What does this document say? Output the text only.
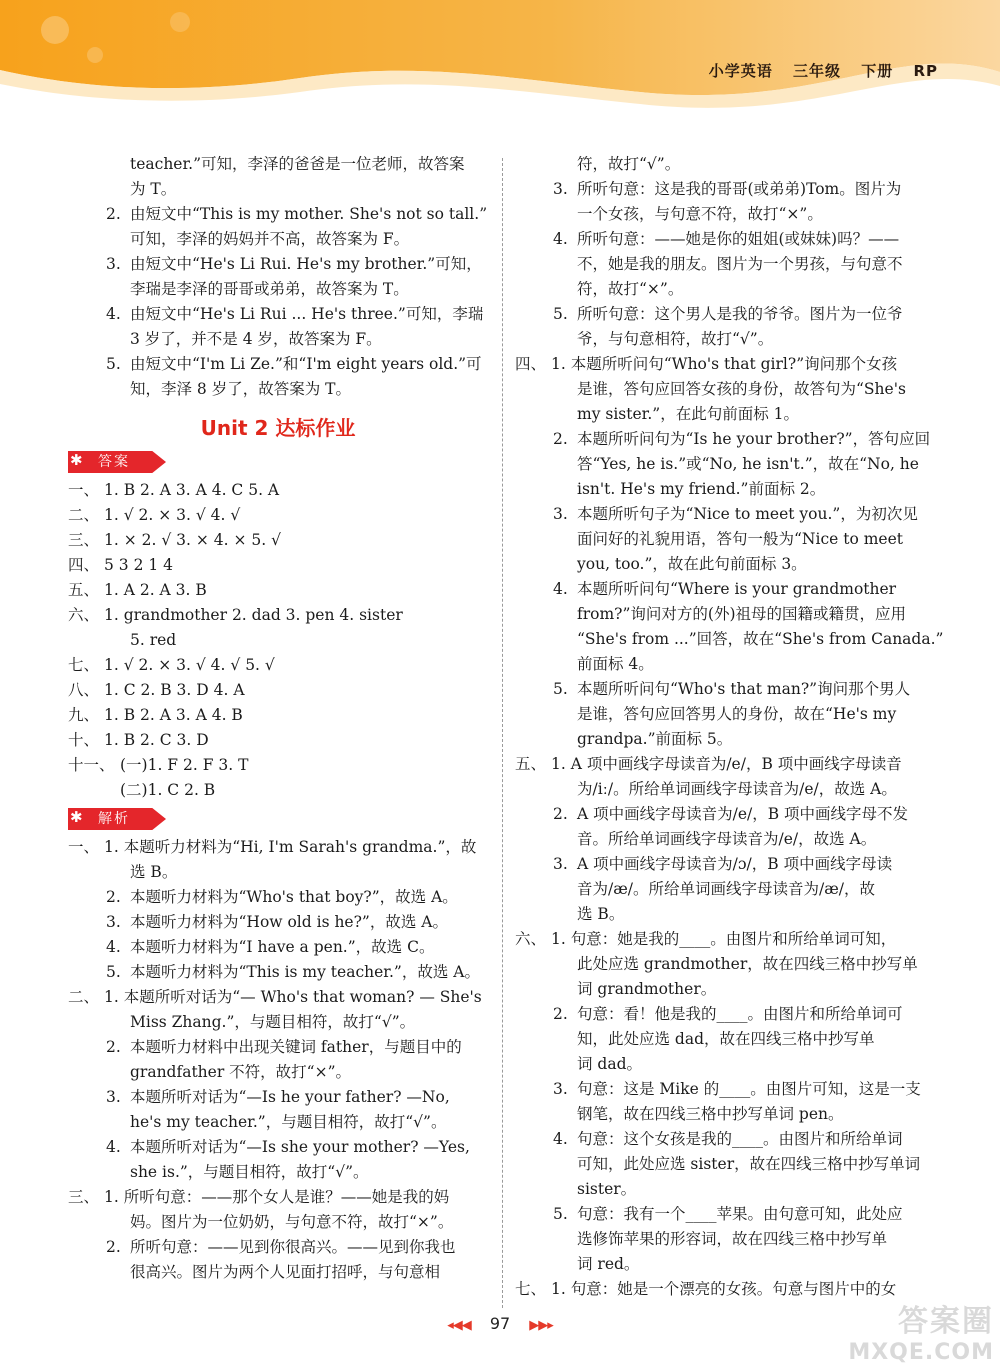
小学英语 三年级 下册 RP
teacher.”可知，李泽的爸爸是一位老师，故答案
为 T。
2. 由短文中“This is my mother. She's not so tall.”
可知，李泽的妈妈并不高，故答案为 F。
3. 由短文中“He's Li Rui. He's my brother.”可知，
李瑞是李泽的哥哥或弟弟，故答案为 T。
4. 由短文中“He's Li Rui ... He's three.”可知，李瑞
3 岁了，并不是 4 岁，故答案为 F。
5. 由短文中“I'm Li Ze.”和“I'm eight years old.”可
知，李泽 8 岁了，故答案为 T。
Unit 2 达标作业
✱ 答案
一、 1. B 2. A 3. A 4. C 5. A
二、 1. √ 2. × 3. √ 4. √
三、 1. × 2. √ 3. × 4. × 5. √
四、 5 3 2 1 4
五、 1. A 2. A 3. B
六、 1. grandmother 2. dad 3. pen 4. sister
5. red
七、 1. √ 2. × 3. √ 4. √ 5. √
八、 1. C 2. B 3. D 4. A
九、 1. B 2. A 3. A 4. B
十、 1. B 2. C 3. D
十一、 (一)1. F 2. F 3. T
(二)1. C 2. B
✱ 解析
一、 1. 本题听力材料为“Hi, I'm Sarah's grandma.”，故
选 B。
2. 本题听力材料为“Who's that boy?”，故选 A。
3. 本题听力材料为“How old is he?”，故选 A。
4. 本题听力材料为“I have a pen.”，故选 C。
5. 本题听力材料为“This is my teacher.”，故选 A。
二、 1. 本题所听对话为“— Who's that woman? — She's
Miss Zhang.”，与题目相符，故打“√”。
2. 本题听力材料中出现关键词 father，与题目中的
grandfather 不符，故打“×”。
3. 本题所听对话为“—Is he your father? —No,
he's my teacher.”，与题目相符，故打“√”。
4. 本题所听对话为“—Is she your mother? —Yes,
she is.”，与题目相符，故打“√”。
三、 1. 所听句意：——那个女人是谁？——她是我的妈
妈。图片为一位奶奶，与句意不符，故打“×”。
2. 所听句意：——见到你很高兴。——见到你我也
很高兴。图片为两个人见面打招呼，与句意相
符，故打“√”。
3. 所听句意：这是我的哥哥(或弟弟)Tom。图片为
一个女孩，与句意不符，故打“×”。
4. 所听句意：——她是你的姐姐(或妹妹)吗？——
不，她是我的朋友。图片为一个男孩，与句意不
符，故打“×”。
5. 所听句意：这个男人是我的爷爷。图片为一位爷
爷，与句意相符，故打“√”。
四、 1. 本题所听问句“Who's that girl?”询问那个女孩
是谁，答句应回答女孩的身份，故答句为“She's
my sister.”，在此句前面标 1。
2. 本题所听问句为“Is he your brother?”，答句应回
答“Yes, he is.”或“No, he isn't.”，故在“No, he
isn't. He's my friend.”前面标 2。
3. 本题所听句子为“Nice to meet you.”，为初次见
面问好的礼貌用语，答句一般为“Nice to meet
you, too.”，故在此句前面标 3。
4. 本题所听问句“Where is your grandmother
from?”询问对方的(外)祖母的国籍或籍贯，应用
“She's from ...”回答，故在“She's from Canada.”
前面标 4。
5. 本题所听问句“Who's that man?”询问那个男人
是谁，答句应回答男人的身份，故在“He's my
grandpa.”前面标 5。
五、 1. A 项中画线字母读音为/e/，B 项中画线字母读音
为/iː/。所给单词画线字母读音为/e/，故选 A。
2. A 项中画线字母读音为/e/，B 项中画线字母不发
音。所给单词画线字母读音为/e/，故选 A。
3. A 项中画线字母读音为/ɔ/，B 项中画线字母读
音为/æ/。所给单词画线字母读音为/æ/，故
选 B。
六、 1. 句意：她是我的____。由图片和所给单词可知，
此处应选 grandmother，故在四线三格中抄写单
词 grandmother。
2. 句意：看！他是我的____。由图片和所给单词可
知，此处应选 dad，故在四线三格中抄写单
词 dad。
3. 句意：这是 Mike 的____。由图片可知，这是一支
钢笔，故在四线三格中抄写单词 pen。
4. 句意：这个女孩是我的____。由图片和所给单词
可知，此处应选 sister，故在四线三格中抄写单词
sister。
5. 句意：我有一个____苹果。由句意可知，此处应
选修饰苹果的形容词，故在四线三格中抄写单
词 red。
七、 1. 句意：她是一个漂亮的女孩。句意与图片中的女
◂◀◀ 97 ▶▶▸	答案圈
MXQE.COM
